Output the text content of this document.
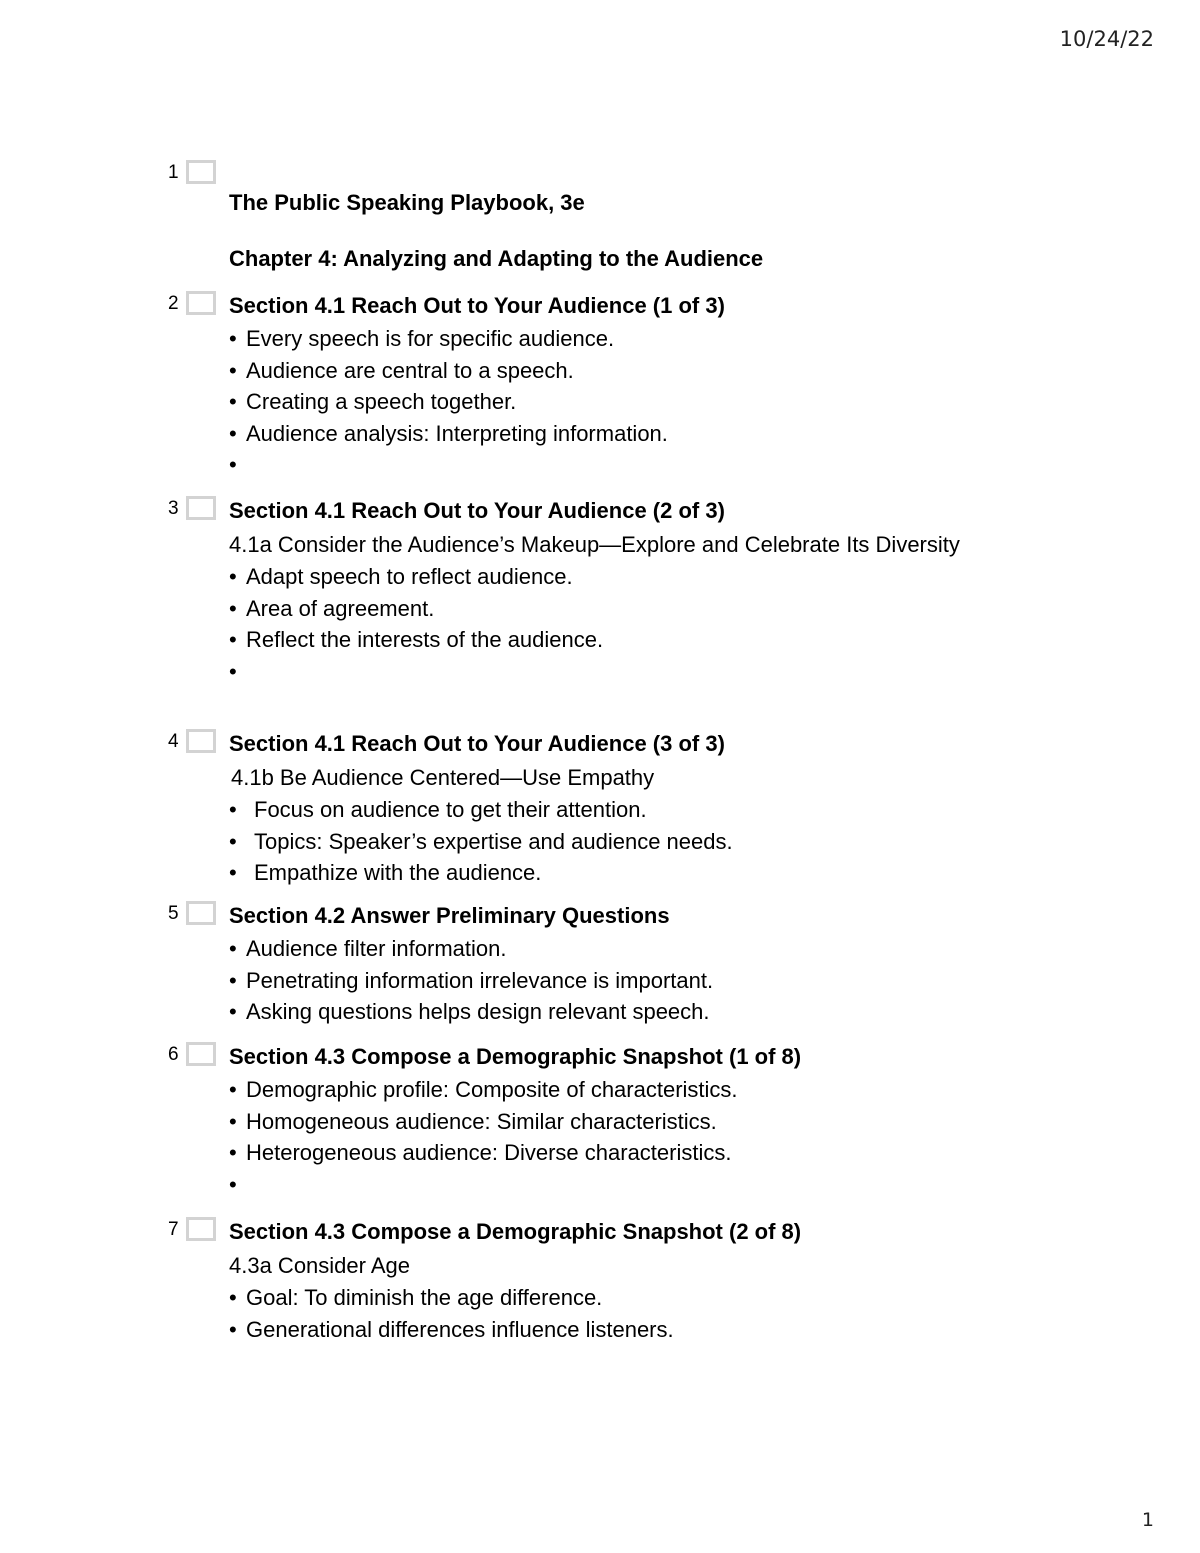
10/24/22
1

The Public Speaking Playbook, 3e

Chapter 4: Analyzing and Adapting to the Audience

2 Section 4.1 Reach Out to Your Audience (1 of 3)

• Every speech is for specific audience.
• Audience are central to a speech.
• Creating a speech together.
• Audience analysis: Interpreting information.
•
3 Section 4.1 Reach Out to Your Audience (2 of 3)

4.1a Consider the Audience’s Makeup—Explore and Celebrate Its Diversity

• Adapt speech to reflect audience.
• Area of agreement.
• Reflect the interests of the audience.
•
4 Section 4.1 Reach Out to Your Audience (3 of 3)

4.1b Be Audience Centered—Use Empathy

• Focus on audience to get their attention.
• Topics: Speaker’s expertise and audience needs.
• Empathize with the audience.
5 Section 4.2 Answer Preliminary Questions

• Audience filter information.
• Penetrating information irrelevance is important.
• Asking questions helps design relevant speech.
6 Section 4.3 Compose a Demographic Snapshot (1 of 8)

• Demographic profile: Composite of characteristics.
• Homogeneous audience: Similar characteristics.
• Heterogeneous audience: Diverse characteristics.
•
7 Section 4.3 Compose a Demographic Snapshot (2 of 8)

4.3a Consider Age

• Goal: To diminish the age difference.
• Generational differences influence listeners.
1
